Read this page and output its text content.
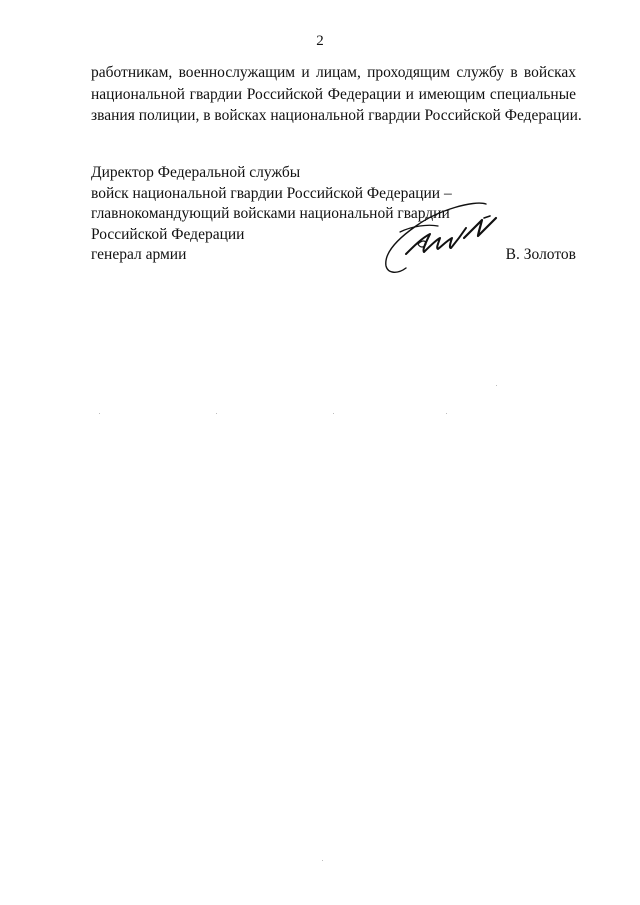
2
работникам, военнослужащим и лицам, проходящим службу в войсках
национальной гвардии Российской Федерации и имеющим специальные
звания полиции, в войсках национальной гвардии Российской Федерации.
Директор Федеральной службы
войск национальной гвардии Российской Федерации –
главнокомандующий войсками национальной гвардии
Российской Федерации
генерал армии	В. Золотов
